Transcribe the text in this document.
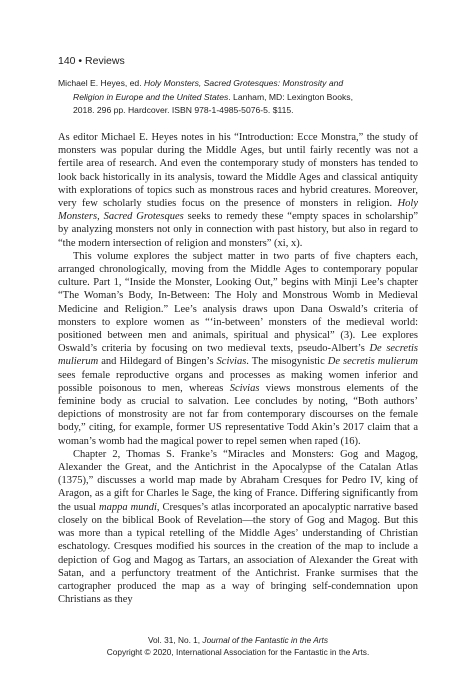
140 • Reviews
Michael E. Heyes, ed. Holy Monsters, Sacred Grotesques: Monstrosity and
Religion in Europe and the United States. Lanham, MD: Lexington Books,
2018. 296 pp. Hardcover. ISBN 978-1-4985-5076-5. $115.

As editor Michael E. Heyes notes in his “Introduction: Ecce Monstra,” the study of monsters was popular during the Middle Ages, but until fairly recently was not a fertile area of research. And even the contemporary study of monsters has tended to look back historically in its analysis, toward the Middle Ages and classical antiquity with explorations of topics such as monstrous races and hybrid creatures. Moreover, very few scholarly studies focus on the presence of monsters in religion. Holy Monsters, Sacred Grotesques seeks to remedy these “empty spaces in scholarship” by analyzing monsters not only in connection with past history, but also in regard to “the modern intersection of religion and monsters” (xi, x).

This volume explores the subject matter in two parts of five chapters each, arranged chronologically, moving from the Middle Ages to contemporary popular culture. Part 1, “Inside the Monster, Looking Out,” begins with Minji Lee’s chapter “The Woman’s Body, In-Between: The Holy and Monstrous Womb in Medieval Medicine and Religion.” Lee’s analysis draws upon Dana Oswald’s criteria of monsters to explore women as “‘in-between’ monsters of the medieval world: positioned between men and animals, spiritual and physical” (3). Lee explores Oswald’s criteria by focusing on two medieval texts, pseudo-Albert’s De secretis mulierum and Hildegard of Bingen’s Scivias. The misogynistic De secretis mulierum sees female reproductive organs and processes as making women inferior and possible poisonous to men, whereas Scivias views monstrous elements of the feminine body as crucial to salvation. Lee concludes by noting, “Both authors’ depictions of monstrosity are not far from contemporary discourses on the female body,” citing, for example, former US representative Todd Akin’s 2017 claim that a woman’s womb had the magical power to repel semen when raped (16).

Chapter 2, Thomas S. Franke’s “Miracles and Monsters: Gog and Magog, Alexander the Great, and the Antichrist in the Apocalypse of the Catalan Atlas (1375),” discusses a world map made by Abraham Cresques for Pedro IV, king of Aragon, as a gift for Charles le Sage, the king of France. Differing significantly from the usual mappa mundi, Cresques’s atlas incorporated an apocalyptic narrative based closely on the biblical Book of Revelation—the story of Gog and Magog. But this was more than a typical retelling of the Middle Ages’ understanding of Christian eschatology. Cresques modified his sources in the creation of the map to include a depiction of Gog and Magog as Tartars, an association of Alexander the Great with Satan, and a perfunctory treatment of the Antichrist. Franke surmises that the cartographer produced the map as a way of bringing self-condemnation upon Christians as they

Vol. 31, No. 1, Journal of the Fantastic in the Arts
Copyright © 2020, International Association for the Fantastic in the Arts.
